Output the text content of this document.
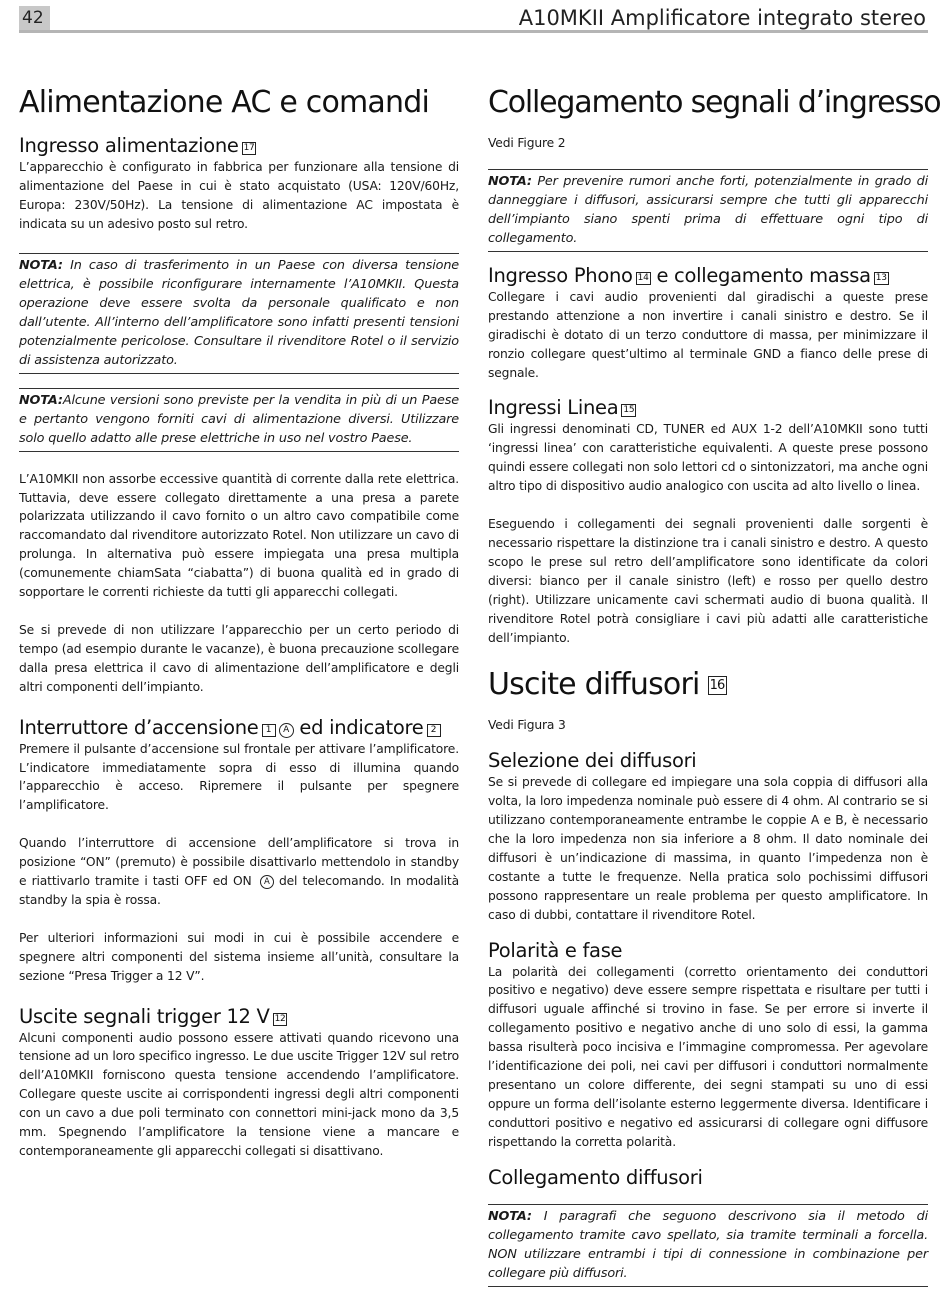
42	A10MKII Amplificatore integrato stereo
Alimentazione AC e comandi
Ingresso alimentazione 17

L’apparecchio è configurato in fabbrica per funzionare alla tensione di alimentazione del Paese in cui è stato acquistato (USA: 120V/60Hz, Europa: 230V/50Hz). La tensione di alimentazione AC impostata è indicata su un adesivo posto sul retro.

NOTA: In caso di trasferimento in un Paese con diversa tensione elettrica, è possibile riconfigurare internamente l’A10MKII. Questa operazione deve essere svolta da personale qualificato e non dall’utente. All’interno dell’amplificatore sono infatti presenti tensioni potenzialmente pericolose. Consultare il rivenditore Rotel o il servizio di assistenza autorizzato.
NOTA:Alcune versioni sono previste per la vendita in più di un Paese e pertanto vengono forniti cavi di alimentazione diversi. Utilizzare solo quello adatto alle prese elettriche in uso nel vostro Paese.

L’A10MKII non assorbe eccessive quantità di corrente dalla rete elettrica. Tuttavia, deve essere collegato direttamente a una presa a parete polarizzata utilizzando il cavo fornito o un altro cavo compatibile come raccomandato dal rivenditore autorizzato Rotel. Non utilizzare un cavo di prolunga. In alternativa può essere impiegata una presa multipla (comunemente chiamSata “ciabatta”) di buona qualità ed in grado di sopportare le correnti richieste da tutti gli apparecchi collegati.

Se si prevede di non utilizzare l’apparecchio per un certo periodo di tempo (ad esempio durante le vacanze), è buona precauzione scollegare dalla presa elettrica il cavo di alimentazione dell’amplificatore e degli altri componenti dell’impianto.

Interruttore d’accensione 1 A ed indicatore 2

Premere il pulsante d’accensione sul frontale per attivare l’amplificatore. L’indicatore immediatamente sopra di esso di illumina quando l’apparecchio è acceso. Ripremere il pulsante per spegnere l’amplificatore.

Quando l’interruttore di accensione dell’amplificatore si trova in posizione “ON” (premuto) è possibile disattivarlo mettendolo in standby e riattivarlo tramite i tasti OFF ed ON A del telecomando. In modalità standby la spia è rossa.

Per ulteriori informazioni sui modi in cui è possibile accendere e spegnere altri componenti del sistema insieme all’unità, consultare la sezione “Presa Trigger a 12 V”.

Uscite segnali trigger 12 V 12

Alcuni componenti audio possono essere attivati quando ricevono una tensione ad un loro specifico ingresso. Le due uscite Trigger 12V sul retro dell’A10MKII forniscono questa tensione accendendo l’amplificatore. Collegare queste uscite ai corrispondenti ingressi degli altri componenti con un cavo a due poli terminato con connettori mini-jack mono da 3,5 mm. Spegnendo l’amplificatore la tensione viene a mancare e contemporaneamente gli apparecchi collegati si disattivano.

Collegamento segnali d’ingresso

Vedi Figure 2

NOTA: Per prevenire rumori anche forti, potenzialmente in grado di danneggiare i diffusori, assicurarsi sempre che tutti gli apparecchi dell’impianto siano spenti prima di effettuare ogni tipo di collegamento.
Ingresso Phono 14 e collegamento massa 13

Collegare i cavi audio provenienti dal giradischi a queste prese prestando attenzione a non invertire i canali sinistro e destro. Se il giradischi è dotato di un terzo conduttore di massa, per minimizzare il ronzio collegare quest’ultimo al terminale GND a fianco delle prese di segnale.

Ingressi Linea 15

Gli ingressi denominati CD, TUNER ed AUX 1-2 dell’A10MKII sono tutti ‘ingressi linea’ con caratteristiche equivalenti. A queste prese possono quindi essere collegati non solo lettori cd o sintonizzatori, ma anche ogni altro tipo di dispositivo audio analogico con uscita ad alto livello o linea.

Eseguendo i collegamenti dei segnali provenienti dalle sorgenti è necessario rispettare la distinzione tra i canali sinistro e destro. A questo scopo le prese sul retro dell’amplificatore sono identificate da colori diversi: bianco per il canale sinistro (left) e rosso per quello destro (right). Utilizzare unicamente cavi schermati audio di buona qualità. Il rivenditore Rotel potrà consigliare i cavi più adatti alle caratteristiche dell’impianto.

Uscite diffusori 16

Vedi Figura 3

Selezione dei diffusori

Se si prevede di collegare ed impiegare una sola coppia di diffusori alla volta, la loro impedenza nominale può essere di 4 ohm. Al contrario se si utilizzano contemporaneamente entrambe le coppie A e B, è necessario che la loro impedenza non sia inferiore a 8 ohm. Il dato nominale dei diffusori è un’indicazione di massima, in quanto l’impedenza non è costante a tutte le frequenze. Nella pratica solo pochissimi diffusori possono rappresentare un reale problema per questo amplificatore. In caso di dubbi, contattare il rivenditore Rotel.

Polarità e fase

La polarità dei collegamenti (corretto orientamento dei conduttori positivo e negativo) deve essere sempre rispettata e risultare per tutti i diffusori uguale affinché si trovino in fase. Se per errore si inverte il collegamento positivo e negativo anche di uno solo di essi, la gamma bassa risulterà poco incisiva e l’immagine compromessa. Per agevolare l’identificazione dei poli, nei cavi per diffusori i conduttori normalmente presentano un colore differente, dei segni stampati su uno di essi oppure un forma dell’isolante esterno leggermente diversa. Identificare i conduttori positivo e negativo ed assicurarsi di collegare ogni diffusore rispettando la corretta polarità.

Collegamento diffusori
NOTA: I paragrafi che seguono descrivono sia il metodo di collegamento tramite cavo spellato, sia tramite terminali a forcella. NON utilizzare entrambi i tipi di connessione in combinazione per collegare più diffusori.
